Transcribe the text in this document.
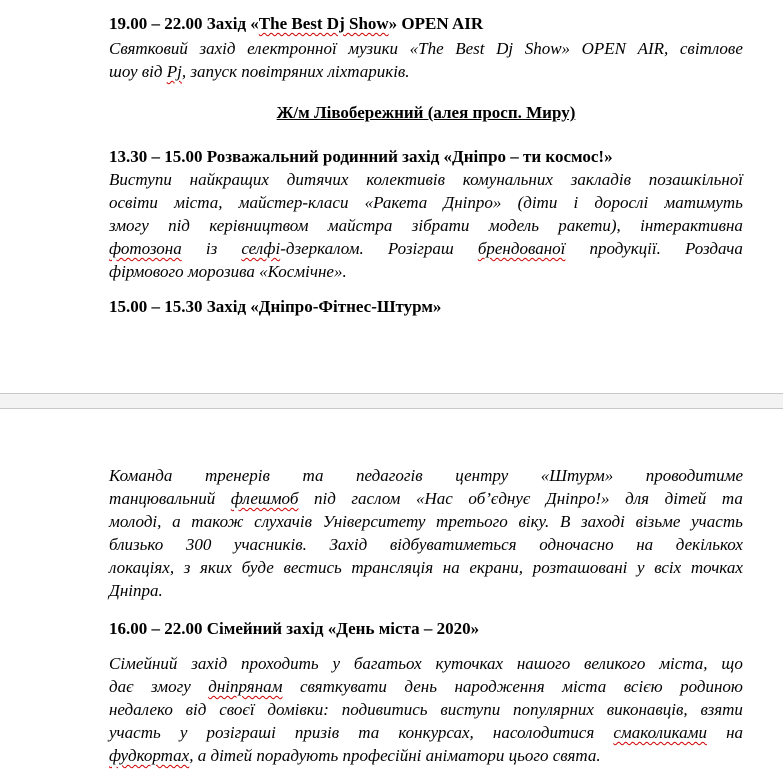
19.00 – 22.00 Захід «The Best Dj Show» OPEN AIR
Святковий захід електронної музики «The Best Dj Show» OPEN AIR, світлове
шоу від Pj, запуск повітряних ліхтариків.
Ж/м Лівобережний (алея просп. Миру)
13.30 – 15.00 Розважальний родинний захід «Дніпро – ти космос!»
Виступи найкращих дитячих колективів комунальних закладів позашкільної
освіти міста, майстер-класи «Ракета Дніпро» (діти і дорослі матимуть
змогу під керівництвом майстра зібрати модель ракети), інтерактивна
фотозона із селфі-дзеркалом. Розіграш брендованої продукції. Роздача
фірмового морозива «Космічне».
15.00 – 15.30 Захід «Дніпро-Фітнес-Штурм»
Команда тренерів та педагогів центру «Штурм» проводитиме
танцювальний флешмоб під гаслом «Нас об’єднує Дніпро!» для дітей та
молоді, а також слухачів Університету третього віку. В заході візьме участь
близько 300 учасників. Захід відбуватиметься одночасно на декількох
локаціях, з яких буде вестись трансляція на екрани, розташовані у всіх точках
Дніпра.
16.00 – 22.00 Сімейний захід «День міста – 2020»
Сімейний захід проходить у багатьох куточках нашого великого міста, що
дає змогу дніпрянам святкувати день народження міста всією родиною
недалеко від своєї домівки: подивитись виступи популярних виконавців, взяти
участь у розіграші призів та конкурсах, насолодитися смаколиками на
фудкортах, а дітей порадують професійні аніматори цього свята.
